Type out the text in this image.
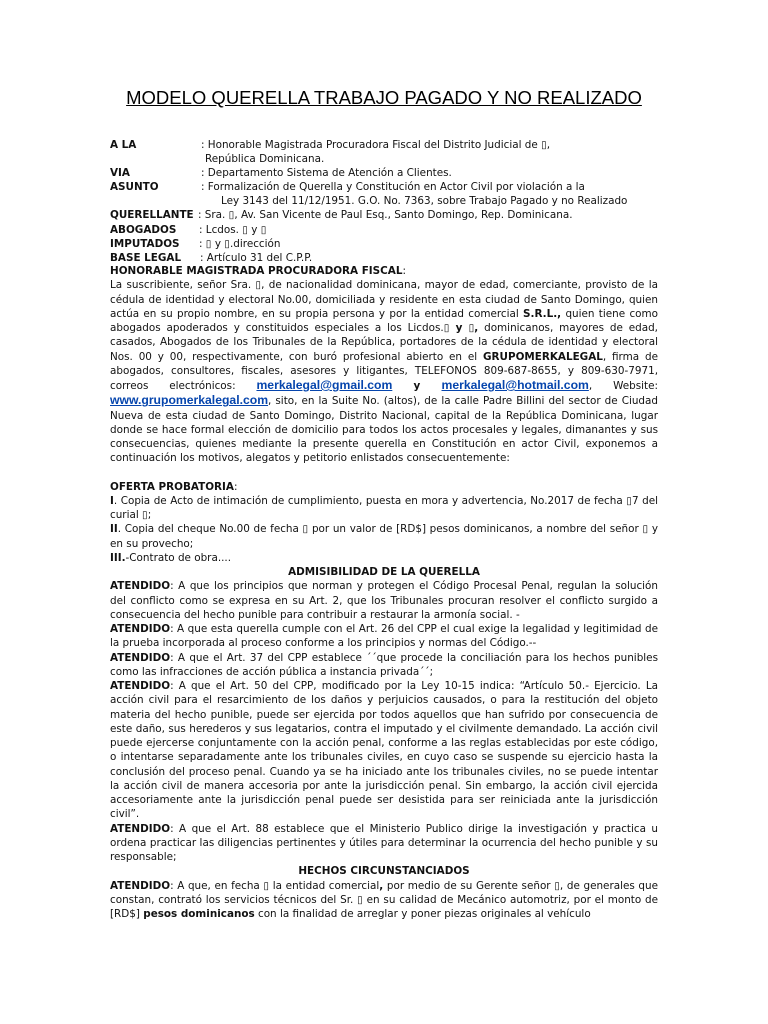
MODELO QUERELLA TRABAJO PAGADO Y NO REALIZADO
A LA	: Honorable Magistrada Procuradora Fiscal del Distrito Judicial de ▯,
República Dominicana.
VIA	: Departamento Sistema de Atención a Clientes.
ASUNTO	: Formalización de Querella y Constitución en Actor Civil por violación a la
Ley 3143 del 11/12/1951. G.O. No. 7363, sobre Trabajo Pagado y no Realizado
QUERELLANTE : Sra. ▯, Av. San Vicente de Paul Esq., Santo Domingo, Rep. Dominicana.
ABOGADOS : Lcdos. ▯ y ▯
IMPUTADOS : ▯ y ▯.dirección
BASE LEGAL : Artículo 31 del C.P.P.

HONORABLE MAGISTRADA PROCURADORA FISCAL:

La suscribiente, señor Sra. ▯, de nacionalidad dominicana, mayor de edad, comerciante, provisto de la cédula de identidad y electoral No.00, domiciliada y residente en esta ciudad de Santo Domingo, quien actúa en su propio nombre, en su propia persona y por la entidad comercial S.R.L., quien tiene como abogados apoderados y constituidos especiales a los Licdos.▯ y ▯, dominicanos, mayores de edad, casados, Abogados de los Tribunales de la República, portadores de la cédula de identidad y electoral Nos. 00 y 00, respectivamente, con buró profesional abierto en el GRUPOMERKALEGAL, firma de abogados, consultores, fiscales, asesores y litigantes, TELEFONOS 809-687-8655, y 809-630-7971, correos electrónicos: merkalegal@gmail.com y merkalegal@hotmail.com, Website: www.grupomerkalegal.com, sito, en la Suite No. (altos), de la calle Padre Billini del sector de Ciudad Nueva de esta ciudad de Santo Domingo, Distrito Nacional, capital de la República Dominicana, lugar donde se hace formal elección de domicilio para todos los actos procesales y legales, dimanantes y sus consecuencias, quienes mediante la presente querella en Constitución en actor Civil, exponemos a continuación los motivos, alegatos y petitorio enlistados consecuentemente:

OFERTA PROBATORIA:

I. Copia de Acto de intimación de cumplimiento, puesta en mora y advertencia, No.2017 de fecha ▯7 del curial ▯;

II. Copia del cheque No.00 de fecha ▯ por un valor de [RD$] pesos dominicanos, a nombre del señor ▯ y en su provecho;

III.-Contrato de obra....

ADMISIBILIDAD DE LA QUERELLA

ATENDIDO: A que los principios que norman y protegen el Código Procesal Penal, regulan la solución del conflicto como se expresa en su Art. 2, que los Tribunales procuran resolver el conflicto surgido a consecuencia del hecho punible para contribuir a restaurar la armonía social. -

ATENDIDO: A que esta querella cumple con el Art. 26 del CPP el cual exige la legalidad y legitimidad de la prueba incorporada al proceso conforme a los principios y normas del Código.--

ATENDIDO: A que el Art. 37 del CPP establece ´´que procede la conciliación para los hechos punibles como las infracciones de acción pública a instancia privada´´;

ATENDIDO: A que el Art. 50 del CPP, modificado por la Ley 10-15 indica: “Artículo 50.- Ejercicio. La acción civil para el resarcimiento de los daños y perjuicios causados, o para la restitución del objeto materia del hecho punible, puede ser ejercida por todos aquellos que han sufrido por consecuencia de este daño, sus herederos y sus legatarios, contra el imputado y el civilmente demandado. La acción civil puede ejercerse conjuntamente con la acción penal, conforme a las reglas establecidas por este código, o intentarse separadamente ante los tribunales civiles, en cuyo caso se suspende su ejercicio hasta la conclusión del proceso penal. Cuando ya se ha iniciado ante los tribunales civiles, no se puede intentar la acción civil de manera accesoria por ante la jurisdicción penal. Sin embargo, la acción civil ejercida accesoriamente ante la jurisdicción penal puede ser desistida para ser reiniciada ante la jurisdicción civil”.

ATENDIDO: A que el Art. 88 establece que el Ministerio Publico dirige la investigación y practica u ordena practicar las diligencias pertinentes y útiles para determinar la ocurrencia del hecho punible y su responsable;

HECHOS CIRCUNSTANCIADOS

ATENDIDO: A que, en fecha ▯ la entidad comercial, por medio de su Gerente señor ▯, de generales que constan, contrató los servicios técnicos del Sr. ▯ en su calidad de Mecánico automotriz, por el monto de [RD$] pesos dominicanos con la finalidad de arreglar y poner piezas originales al vehículo
